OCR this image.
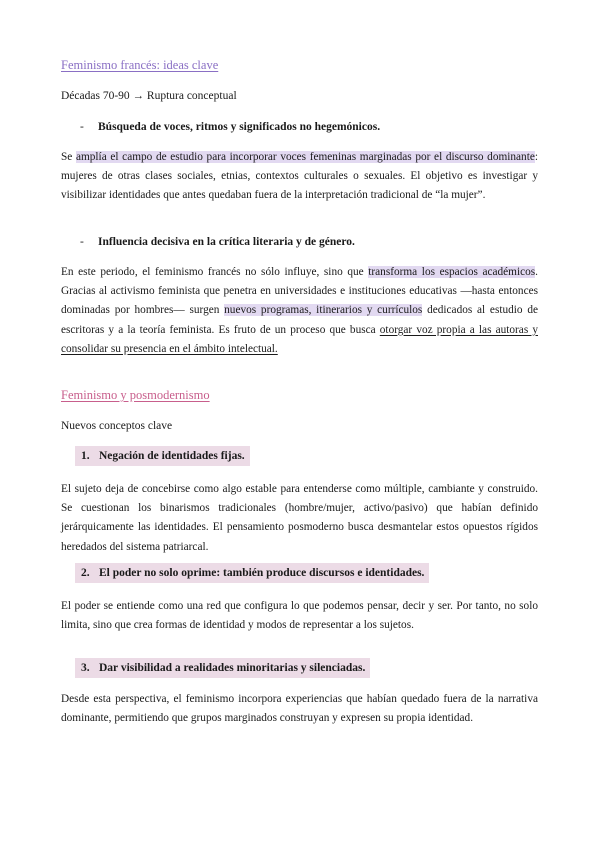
Feminismo francés: ideas clave
Décadas 70-90 → Ruptura conceptual
- Búsqueda de voces, ritmos y significados no hegemónicos.
Se amplía el campo de estudio para incorporar voces femeninas marginadas por el discurso dominante: mujeres de otras clases sociales, etnias, contextos culturales o sexuales. El objetivo es investigar y visibilizar identidades que antes quedaban fuera de la interpretación tradicional de “la mujer”.
- Influencia decisiva en la crítica literaria y de género.
En este periodo, el feminismo francés no sólo influye, sino que transforma los espacios académicos. Gracias al activismo feminista que penetra en universidades e instituciones educativas —hasta entonces dominadas por hombres— surgen nuevos programas, itinerarios y currículos dedicados al estudio de escritoras y a la teoría feminista. Es fruto de un proceso que busca otorgar voz propia a las autoras y consolidar su presencia en el ámbito intelectual.
Feminismo y posmodernismo
Nuevos conceptos clave
1. Negación de identidades fijas.
El sujeto deja de concebirse como algo estable para entenderse como múltiple, cambiante y construido. Se cuestionan los binarismos tradicionales (hombre/mujer, activo/pasivo) que habían definido jerárquicamente las identidades. El pensamiento posmoderno busca desmantelar estos opuestos rígidos heredados del sistema patriarcal.
2. El poder no solo oprime: también produce discursos e identidades.
El poder se entiende como una red que configura lo que podemos pensar, decir y ser. Por tanto, no solo limita, sino que crea formas de identidad y modos de representar a los sujetos.
3. Dar visibilidad a realidades minoritarias y silenciadas.
Desde esta perspectiva, el feminismo incorpora experiencias que habían quedado fuera de la narrativa dominante, permitiendo que grupos marginados construyan y expresen su propia identidad.
